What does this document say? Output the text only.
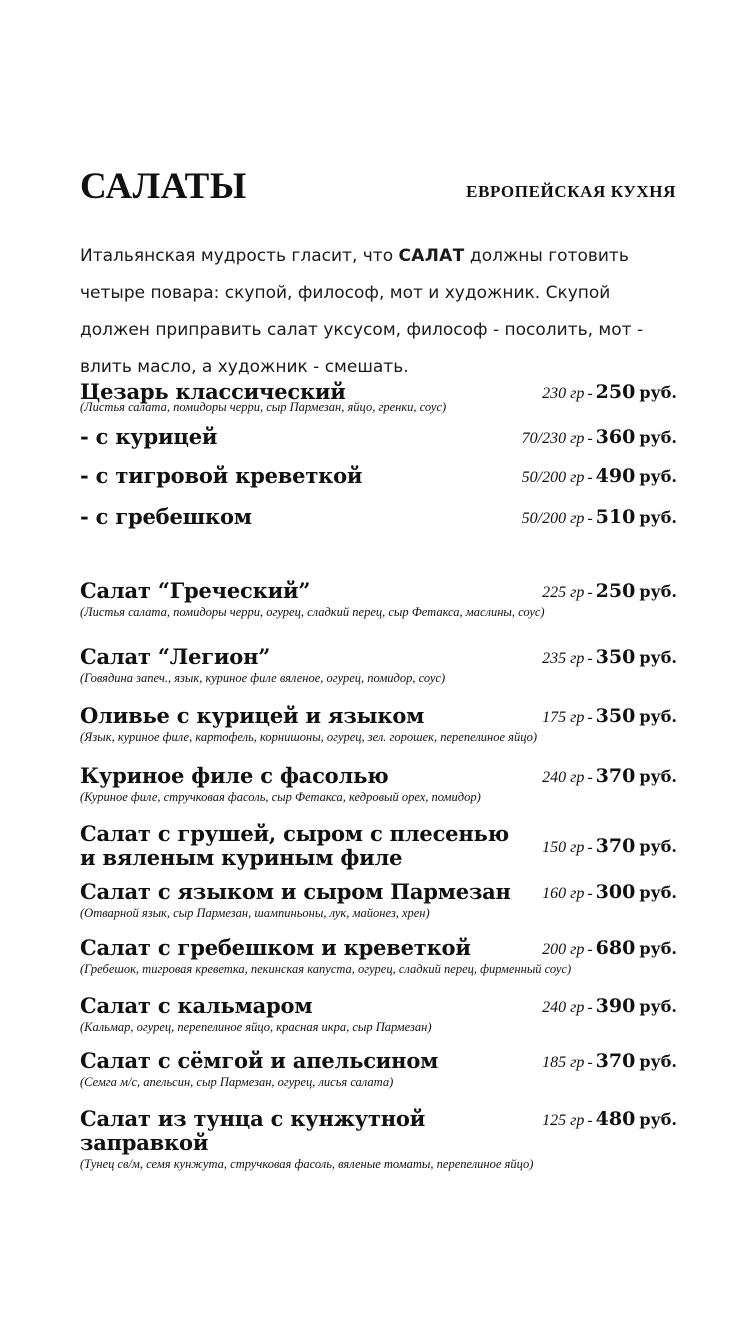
САЛАТЫ	ЕВРОПЕЙСКАЯ КУХНЯ
Итальянская мудрость гласит, что САЛАТ должны готовить четыре повара: скупой, философ, мот и художник. Скупой должен приправить салат уксусом, философ - посолить, мот - влить масло, а художник - смешать.
Цезарь классический	230 гр - 250 руб.
(Листья салата, помидоры черри, сыр Пармезан, яйцо, гренки, соус)
- с курицей	70/230 гр - 360 руб.
- с тигровой креветкой	50/200 гр - 490 руб.
- с гребешком	50/200 гр - 510 руб.
Салат “Греческий”	225 гр - 250 руб.
(Листья салата, помидоры черри, огурец, сладкий перец, сыр Фетакса, маслины, соус)
Салат “Легион”	235 гр - 350 руб.
(Говядина запеч., язык, куриное филе вяленое, огурец, помидор, соус)
Оливье с курицей и языком	175 гр - 350 руб.
(Язык, куриное филе, картофель, корнишоны, огурец, зел. горошек, перепелиное яйцо)
Куриное филе с фасолью	240 гр - 370 руб.
(Куриное филе, стручковая фасоль, сыр Фетакса, кедровый орех, помидор)
Салат с грушей, сыром с плесенью
и вяленым куриным филе	150 гр - 370 руб.
Салат с языком и сыром Пармезан 160 гр - 300 руб.
(Отварной язык, сыр Пармезан, шампиньоны, лук, майонез, хрен)
Салат с гребешком и креветкой	200 гр - 680 руб.
(Гребешок, тигровая креветка, пекинская капуста, огурец, сладкий перец, фирменный соус)
Салат с кальмаром	240 гр - 390 руб.
(Кальмар, огурец, перепелиное яйцо, красная икра, сыр Пармезан)
Салат с сёмгой и апельсином	185 гр - 370 руб.
(Семга м/с, апельсин, сыр Пармезан, огурец, лисья салата)
Салат из тунца с кунжутной	125 гр - 480 руб.
заправкой
(Тунец св/м, семя кунжута, стручковая фасоль, вяленые томаты, перепелиное яйцо)
